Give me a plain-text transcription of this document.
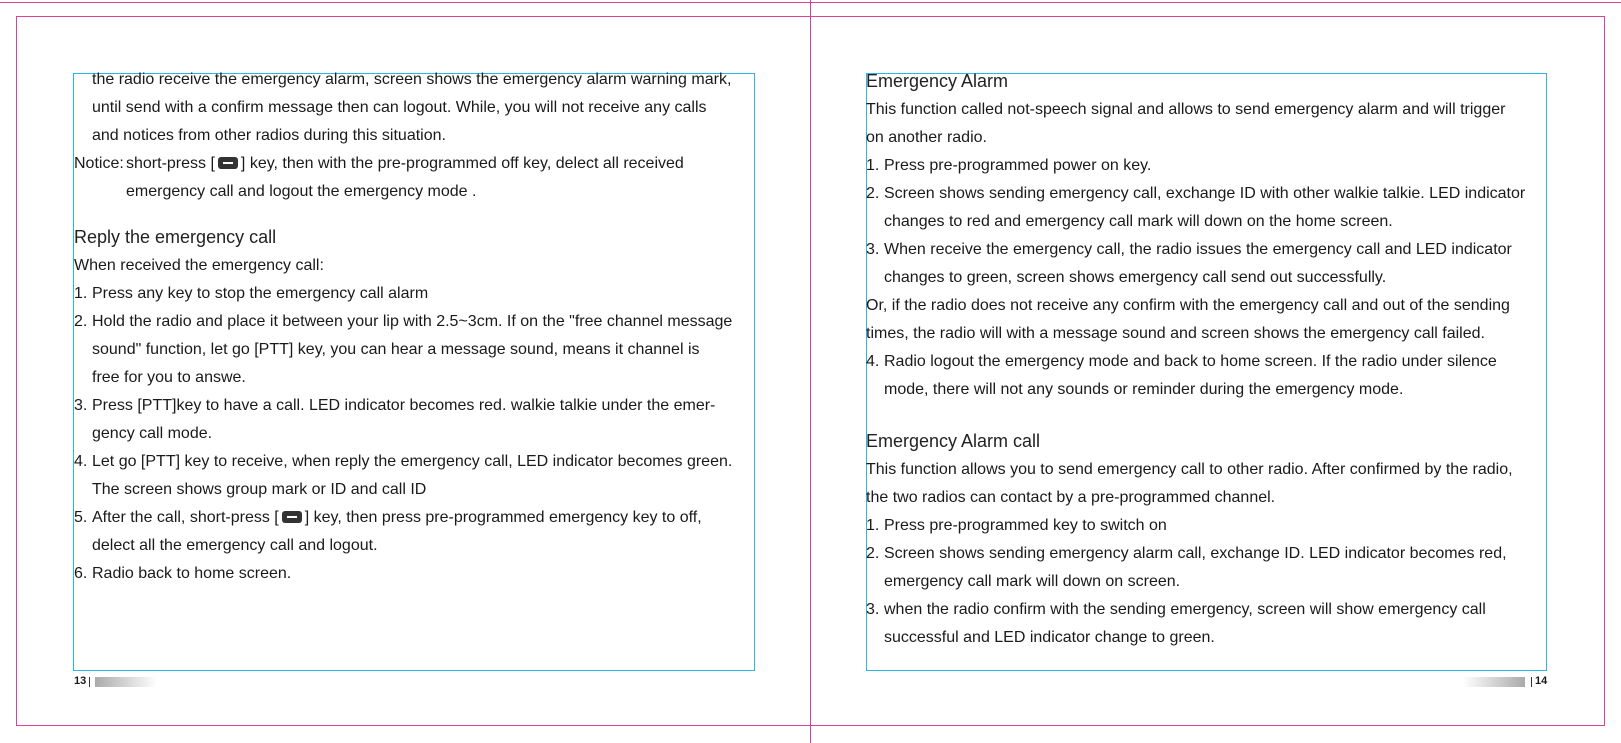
the radio receive the emergency alarm, screen shows the emergency alarm warning mark,

until send with a confirm message then can logout. While, you will not receive any calls

and notices from other radios during this situation.

Notice: short-press [ ] key, then with the pre-programmed off key, delect all received

emergency call and logout the emergency mode .

Reply the emergency call

When received the emergency call:

1. Press any key to stop the emergency call alarm

2. Hold the radio and place it between your lip with 2.5~3cm. If on the "free channel message

sound" function, let go [PTT] key, you can hear a message sound, means it channel is

free for you to answe.

3. Press [PTT]key to have a call. LED indicator becomes red. walkie talkie under the emer-

gency call mode.

4. Let go [PTT] key to receive, when reply the emergency call, LED indicator becomes green.

The screen shows group mark or ID and call ID

5. After the call, short-press [ ] key, then press pre-programmed emergency key to off,

delect all the emergency call and logout.

6. Radio back to home screen.

13

Emergency Alarm

This function called not-speech signal and allows to send emergency alarm and will trigger

on another radio.

1. Press pre-programmed power on key.

2. Screen shows sending emergency call, exchange ID with other walkie talkie. LED indicator

changes to red and emergency call mark will down on the home screen.

3. When receive the emergency call, the radio issues the emergency call and LED indicator

changes to green, screen shows emergency call send out successfully.

Or, if the radio does not receive any confirm with the emergency call and out of the sending

times, the radio will with a message sound and screen shows the emergency call failed.

4. Radio logout the emergency mode and back to home screen. If the radio under silence

mode, there will not any sounds or reminder during the emergency mode.

Emergency Alarm call

This function allows you to send emergency call to other radio. After confirmed by the radio,

the two radios can contact by a pre-programmed channel.

1. Press pre-programmed key to switch on

2. Screen shows sending emergency alarm call, exchange ID. LED indicator becomes red,

emergency call mark will down on screen.

3. when the radio confirm with the sending emergency, screen will show emergency call

successful and LED indicator change to green.

14
